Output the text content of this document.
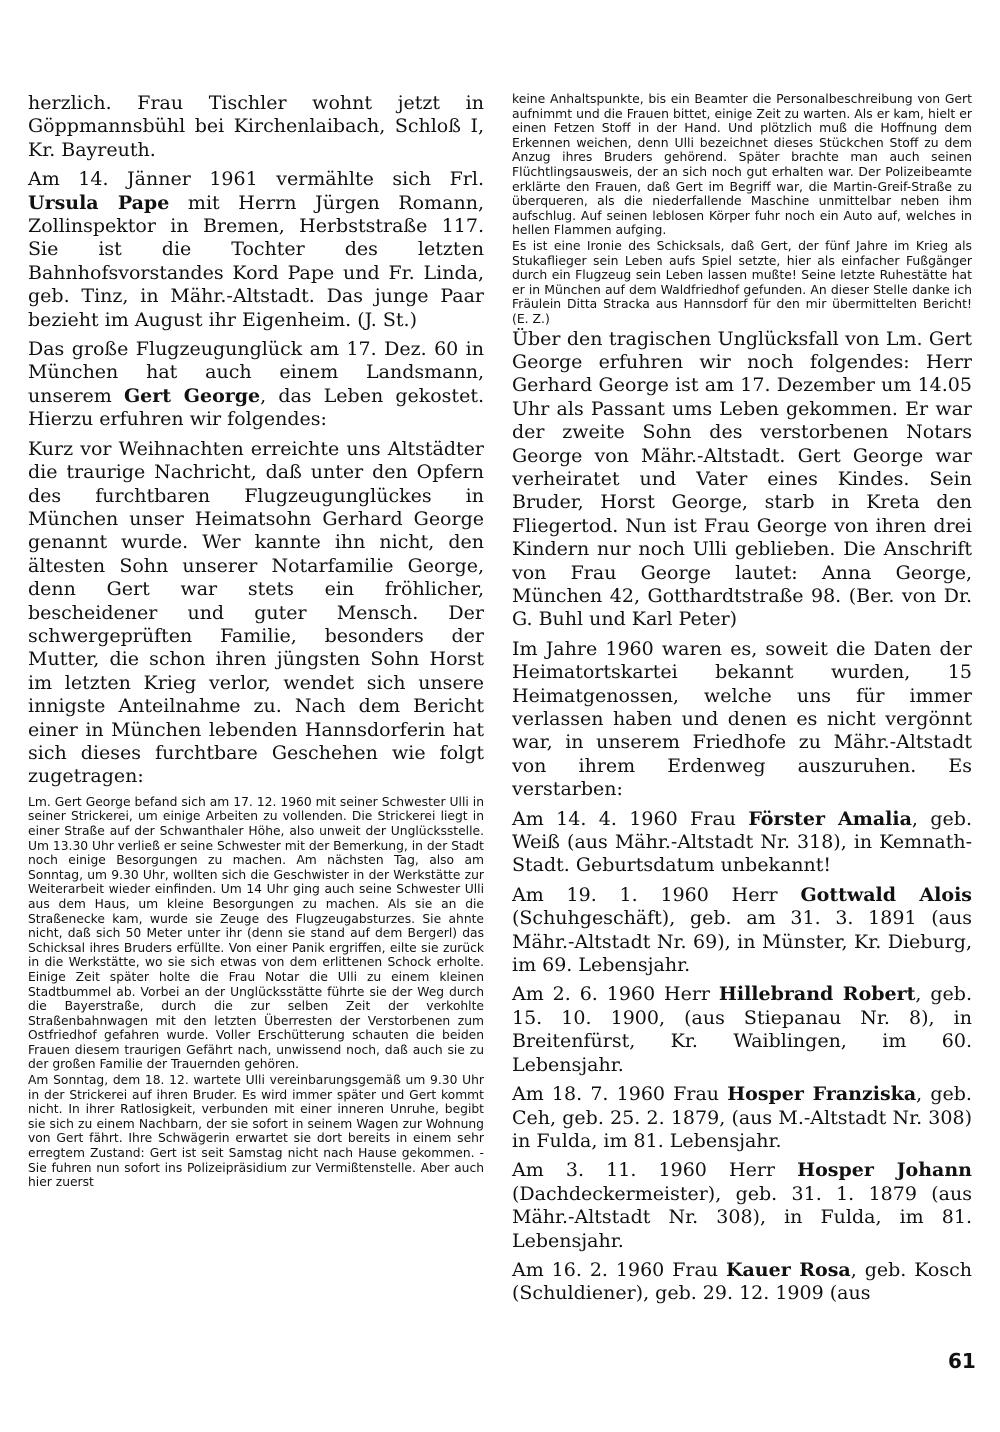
herzlich. Frau Tischler wohnt jetzt in Göppmannsbühl bei Kirchenlaibach, Schloß I, Kr. Bayreuth.

Am 14. Jänner 1961 vermählte sich Frl. Ursula Pape mit Herrn Jürgen Romann, Zollinspektor in Bremen, Herbststraße 117. Sie ist die Tochter des letzten Bahnhofsvorstandes Kord Pape und Fr. Linda, geb. Tinz, in Mähr.-Altstadt. Das junge Paar bezieht im August ihr Eigenheim. (J. St.)

Das große Flugzeugunglück am 17. Dez. 60 in München hat auch einem Landsmann, unserem Gert George, das Leben gekostet. Hierzu erfuhren wir folgendes:

Kurz vor Weihnachten erreichte uns Altstädter die traurige Nachricht, daß unter den Opfern des furchtbaren Flugzeugunglückes in München unser Heimatsohn Gerhard George genannt wurde. Wer kannte ihn nicht, den ältesten Sohn unserer Notarfamilie George, denn Gert war stets ein fröhlicher, bescheidener und guter Mensch. Der schwergeprüften Familie, besonders der Mutter, die schon ihren jüngsten Sohn Horst im letzten Krieg verlor, wendet sich unsere innigste Anteilnahme zu. Nach dem Bericht einer in München lebenden Hannsdorferin hat sich dieses furchtbare Geschehen wie folgt zugetragen:

Lm. Gert George befand sich am 17. 12. 1960 mit seiner Schwester Ulli in seiner Strickerei, um einige Arbeiten zu vollenden. Die Strickerei liegt in einer Straße auf der Schwanthaler Höhe, also unweit der Unglücksstelle. Um 13.30 Uhr verließ er seine Schwester mit der Bemerkung, in der Stadt noch einige Besorgungen zu machen. Am nächsten Tag, also am Sonntag, um 9.30 Uhr, wollten sich die Geschwister in der Werkstätte zur Weiterarbeit wieder einfinden. Um 14 Uhr ging auch seine Schwester Ulli aus dem Haus, um kleine Besorgungen zu machen. Als sie an die Straßenecke kam, wurde sie Zeuge des Flugzeugabsturzes. Sie ahnte nicht, daß sich 50 Meter unter ihr (denn sie stand auf dem Bergerl) das Schicksal ihres Bruders erfüllte. Von einer Panik ergriffen, eilte sie zurück in die Werkstätte, wo sie sich etwas von dem erlittenen Schock erholte. Einige Zeit später holte die Frau Notar die Ulli zu einem kleinen Stadtbummel ab. Vorbei an der Unglücksstätte führte sie der Weg durch die Bayerstraße, durch die zur selben Zeit der verkohlte Straßenbahnwagen mit den letzten Überresten der Verstorbenen zum Ostfriedhof gefahren wurde. Voller Erschütterung schauten die beiden Frauen diesem traurigen Gefährt nach, unwissend noch, daß auch sie zu der großen Familie der Trauernden gehören.

Am Sonntag, dem 18. 12. wartete Ulli vereinbarungsgemäß um 9.30 Uhr in der Strickerei auf ihren Bruder. Es wird immer später und Gert kommt nicht. In ihrer Ratlosigkeit, verbunden mit einer inneren Unruhe, begibt sie sich zu einem Nachbarn, der sie sofort in seinem Wagen zur Wohnung von Gert fährt. Ihre Schwägerin erwartet sie dort bereits in einem sehr erregtem Zustand: Gert ist seit Samstag nicht nach Hause gekommen. - Sie fuhren nun sofort ins Polizeipräsidium zur Vermißtenstelle. Aber auch hier zuerst

keine Anhaltspunkte, bis ein Beamter die Personalbeschreibung von Gert aufnimmt und die Frauen bittet, einige Zeit zu warten. Als er kam, hielt er einen Fetzen Stoff in der Hand. Und plötzlich muß die Hoffnung dem Erkennen weichen, denn Ulli bezeichnet dieses Stückchen Stoff zu dem Anzug ihres Bruders gehörend. Später brachte man auch seinen Flüchtlingsausweis, der an sich noch gut erhalten war. Der Polizeibeamte erklärte den Frauen, daß Gert im Begriff war, die Martin-Greif-Straße zu überqueren, als die niederfallende Maschine unmittelbar neben ihm aufschlug. Auf seinen leblosen Körper fuhr noch ein Auto auf, welches in hellen Flammen aufging.

Es ist eine Ironie des Schicksals, daß Gert, der fünf Jahre im Krieg als Stukaflieger sein Leben aufs Spiel setzte, hier als einfacher Fußgänger durch ein Flugzeug sein Leben lassen mußte! Seine letzte Ruhestätte hat er in München auf dem Waldfriedhof gefunden. An dieser Stelle danke ich Fräulein Ditta Stracka aus Hannsdorf für den mir übermittelten Bericht! (E. Z.)

Über den tragischen Unglücksfall von Lm. Gert George erfuhren wir noch folgendes: Herr Gerhard George ist am 17. Dezember um 14.05 Uhr als Passant ums Leben gekommen. Er war der zweite Sohn des verstorbenen Notars George von Mähr.-Altstadt. Gert George war verheiratet und Vater eines Kindes. Sein Bruder, Horst George, starb in Kreta den Fliegertod. Nun ist Frau George von ihren drei Kindern nur noch Ulli geblieben. Die Anschrift von Frau George lautet: Anna George, München 42, Gotthardtstraße 98. (Ber. von Dr. G. Buhl und Karl Peter)

Im Jahre 1960 waren es, soweit die Daten der Heimatortskartei bekannt wurden, 15 Heimatgenossen, welche uns für immer verlassen haben und denen es nicht vergönnt war, in unserem Friedhofe zu Mähr.-Altstadt von ihrem Erdenweg auszuruhen. Es verstarben:

Am 14. 4. 1960 Frau Förster Amalia, geb. Weiß (aus Mähr.-Altstadt Nr. 318), in Kemnath-Stadt. Geburtsdatum unbekannt!

Am 19. 1. 1960 Herr Gottwald Alois (Schuhgeschäft), geb. am 31. 3. 1891 (aus Mähr.-Altstadt Nr. 69), in Münster, Kr. Dieburg, im 69. Lebensjahr.

Am 2. 6. 1960 Herr Hillebrand Robert, geb. 15. 10. 1900, (aus Stiepanau Nr. 8), in Breitenfürst, Kr. Waiblingen, im 60. Lebensjahr.

Am 18. 7. 1960 Frau Hosper Franziska, geb. Ceh, geb. 25. 2. 1879, (aus M.-Altstadt Nr. 308) in Fulda, im 81. Lebensjahr.

Am 3. 11. 1960 Herr Hosper Johann (Dachdeckermeister), geb. 31. 1. 1879 (aus Mähr.-Altstadt Nr. 308), in Fulda, im 81. Lebensjahr.

Am 16. 2. 1960 Frau Kauer Rosa, geb. Kosch (Schuldiener), geb. 29. 12. 1909 (aus

61
